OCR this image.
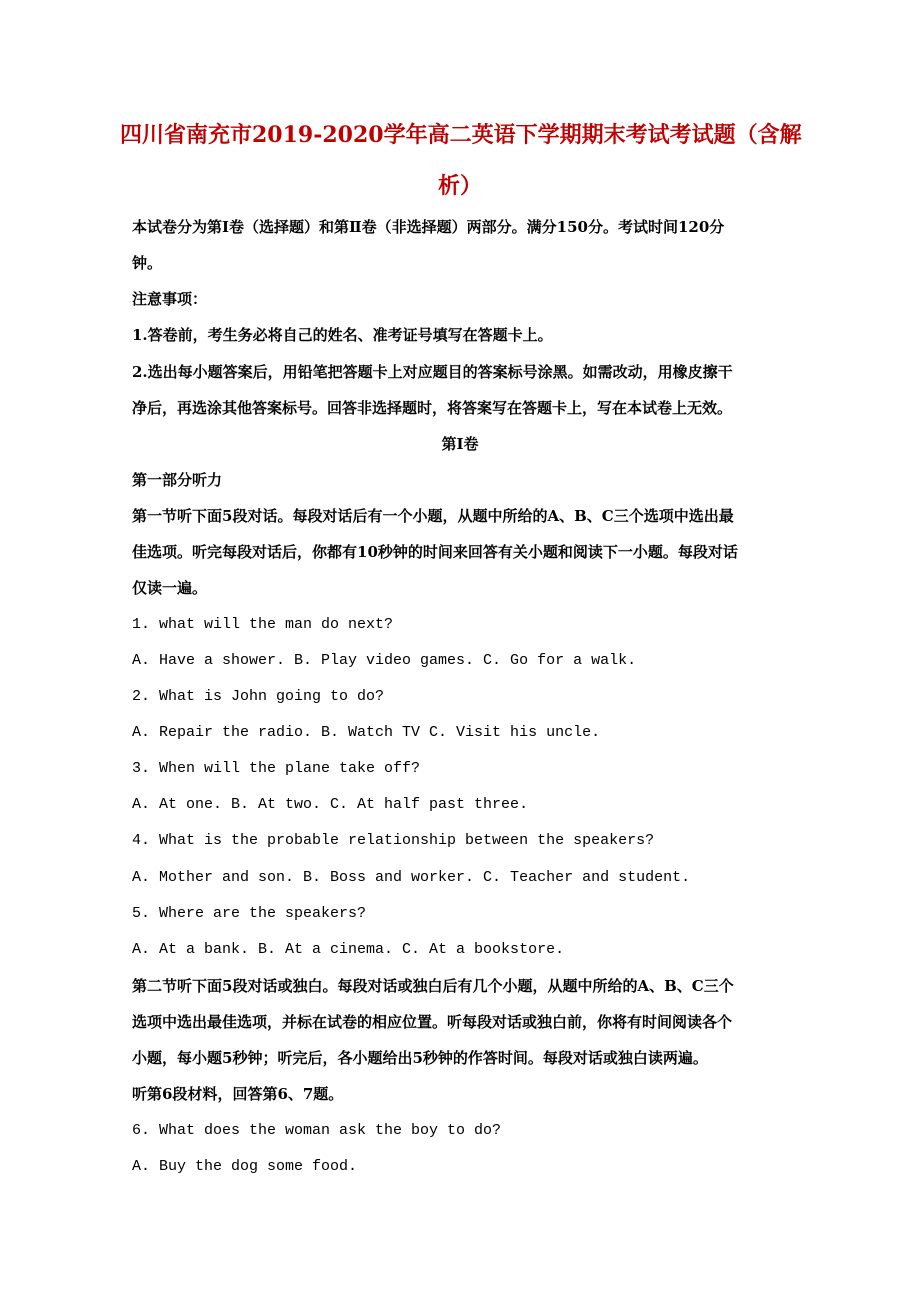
四川省南充市2019-2020学年高二英语下学期期末考试考试题（含解
析）
本试卷分为第Ⅰ卷（选择题）和第Ⅱ卷（非选择题）两部分。满分150分。考试时间120分
钟。
注意事项：
1.答卷前，考生务必将自己的姓名、准考证号填写在答题卡上。
2.选出每小题答案后，用铅笔把答题卡上对应题目的答案标号涂黑。如需改动，用橡皮擦干
净后，再选涂其他答案标号。回答非选择题时，将答案写在答题卡上，写在本试卷上无效。
第Ⅰ卷
第一部分听力
第一节听下面5段对话。每段对话后有一个小题，从题中所给的A、B、C三个选项中选出最
佳选项。听完每段对话后，你都有10秒钟的时间来回答有关小题和阅读下一小题。每段对话
仅读一遍。
1. what will the man do next?
A. Have a shower. B. Play video games. C. Go for a walk.
2. What is John going to do?
A. Repair the radio. B. Watch TV C. Visit his uncle.
3. When will the plane take off?
A. At one. B. At two. C. At half past three.
4. What is the probable relationship between the speakers?
A. Mother and son. B. Boss and worker. C. Teacher and student.
5. Where are the speakers?
A. At a bank. B. At a cinema. C. At a bookstore.
第二节听下面5段对话或独白。每段对话或独白后有几个小题，从题中所给的A、B、C三个
选项中选出最佳选项，并标在试卷的相应位置。听每段对话或独白前，你将有时间阅读各个
小题，每小题5秒钟；听完后，各小题给出5秒钟的作答时间。每段对话或独白读两遍。
听第6段材料，回答第6、7题。
6. What does the woman ask the boy to do?
A. Buy the dog some food.
